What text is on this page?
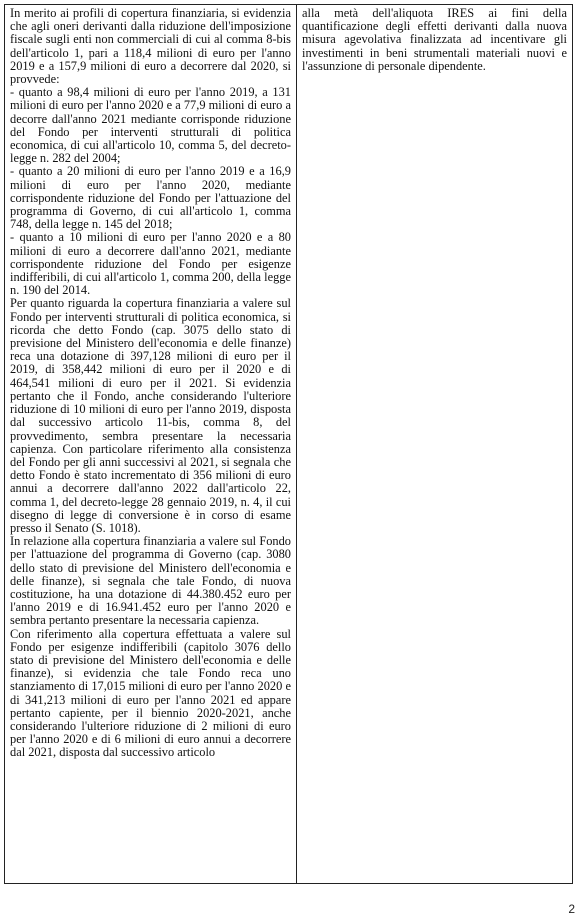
In merito ai profili di copertura finanziaria, si evidenzia che agli oneri derivanti dalla riduzione dell'imposizione fiscale sugli enti non commerciali di cui al comma 8-bis dell'articolo 1, pari a 118,4 milioni di euro per l'anno 2019 e a 157,9 milioni di euro a decorrere dal 2020, si provvede:

- quanto a 98,4 milioni di euro per l'anno 2019, a 131 milioni di euro per l'anno 2020 e a 77,9 milioni di euro a decorre dall'anno 2021 mediante corrisponde riduzione del Fondo per interventi strutturali di politica economica, di cui all'articolo 10, comma 5, del decreto-legge n. 282 del 2004;

- quanto a 20 milioni di euro per l'anno 2019 e a 16,9 milioni di euro per l'anno 2020, mediante corrispondente riduzione del Fondo per l'attuazione del programma di Governo, di cui all'articolo 1, comma 748, della legge n. 145 del 2018;

- quanto a 10 milioni di euro per l'anno 2020 e a 80 milioni di euro a decorrere dall'anno 2021, mediante corrispondente riduzione del Fondo per esigenze indifferibili, di cui all'articolo 1, comma 200, della legge n. 190 del 2014.

Per quanto riguarda la copertura finanziaria a valere sul Fondo per interventi strutturali di politica economica, si ricorda che detto Fondo (cap. 3075 dello stato di previsione del Ministero dell'economia e delle finanze) reca una dotazione di 397,128 milioni di euro per il 2019, di 358,442 milioni di euro per il 2020 e di 464,541 milioni di euro per il 2021. Si evidenzia pertanto che il Fondo, anche considerando l'ulteriore riduzione di 10 milioni di euro per l'anno 2019, disposta dal successivo articolo 11-bis, comma 8, del provvedimento, sembra presentare la necessaria capienza. Con particolare riferimento alla consistenza del Fondo per gli anni successivi al 2021, si segnala che detto Fondo è stato incrementato di 356 milioni di euro annui a decorrere dall'anno 2022 dall'articolo 22, comma 1, del decreto-legge 28 gennaio 2019, n. 4, il cui disegno di legge di conversione è in corso di esame presso il Senato (S. 1018).

In relazione alla copertura finanziaria a valere sul Fondo per l'attuazione del programma di Governo (cap. 3080 dello stato di previsione del Ministero dell'economia e delle finanze), si segnala che tale Fondo, di nuova costituzione, ha una dotazione di 44.380.452 euro per l'anno 2019 e di 16.941.452 euro per l'anno 2020 e sembra pertanto presentare la necessaria capienza.

Con riferimento alla copertura effettuata a valere sul Fondo per esigenze indifferibili (capitolo 3076 dello stato di previsione del Ministero dell'economia e delle finanze), si evidenzia che tale Fondo reca uno stanziamento di 17,015 milioni di euro per l'anno 2020 e di 341,213 milioni di euro per l'anno 2021 ed appare pertanto capiente, per il biennio 2020-2021, anche considerando l'ulteriore riduzione di 2 milioni di euro per l'anno 2020 e di 6 milioni di euro annui a decorrere dal 2021, disposta dal successivo articolo

alla metà dell'aliquota IRES ai fini della quantificazione degli effetti derivanti dalla nuova misura agevolativa finalizzata ad incentivare gli investimenti in beni strumentali materiali nuovi e l'assunzione di personale dipendente.

2
